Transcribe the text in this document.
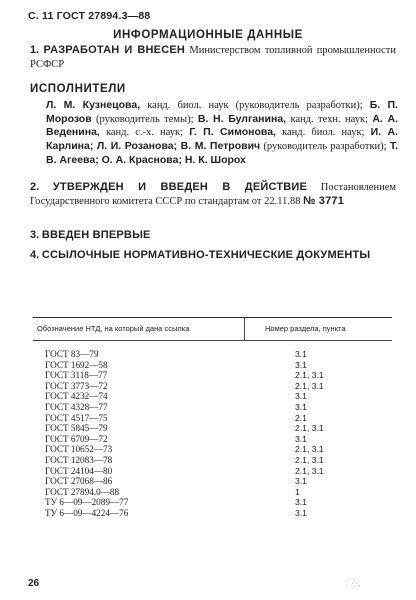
С. 11 ГОСТ 27894.3—88
ИНФОРМАЦИОННЫЕ ДАННЫЕ
1. РАЗРАБОТАН И ВНЕСЕН Министерством топливной промышленности РСФСР
ИСПОЛНИТЕЛИ
Л. М. Кузнецова, канд. биол. наук (руководитель разработки); Б. П. Морозов (руководитель темы); В. Н. Булганина, канд. техн. наук; А. А. Веденина, канд. с.-х. наук; Г. П. Симонова, канд. биол. наук; И. А. Карлина; Л. И. Розанова; В. М. Петрович (руководитель разработки); Т. В. Агеева; О. А. Краснова; Н. К. Шорох
2. УТВЕРЖДЕН И ВВЕДЕН В ДЕЙСТВИЕ Постановлением Государственного комитета СССР по стандартам от 22.11.88 № 3771
3. ВВЕДЕН ВПЕРВЫЕ
4. ССЫЛОЧНЫЕ НОРМАТИВНО-ТЕХНИЧЕСКИЕ ДОКУМЕНТЫ
Обозначение НТД, на который дана ссылка	Номер раздела, пункта
ГОСТ 83—79	3.1
ГОСТ 1692—58	3.1
ГОСТ 3118—77	2.1, 3.1
ГОСТ 3773—72	2.1, 3.1
ГОСТ 4232—74	3.1
ГОСТ 4328—77	3.1
ГОСТ 4517—75	2.1
ГОСТ 5845—79	2.1, 3.1
ГОСТ 6709—72	3.1
ГОСТ 10652—73	2.1, 3.1
ГОСТ 12083—78	2.1, 3.1
ГОСТ 24104—80	2.1, 3.1
ГОСТ 27068—86	3.1
ГОСТ 27894.0—88	1
ТУ 6—09—2089—77	3.1
ТУ 6—09—4224—76	3.1
26	⁚ ⁛.
